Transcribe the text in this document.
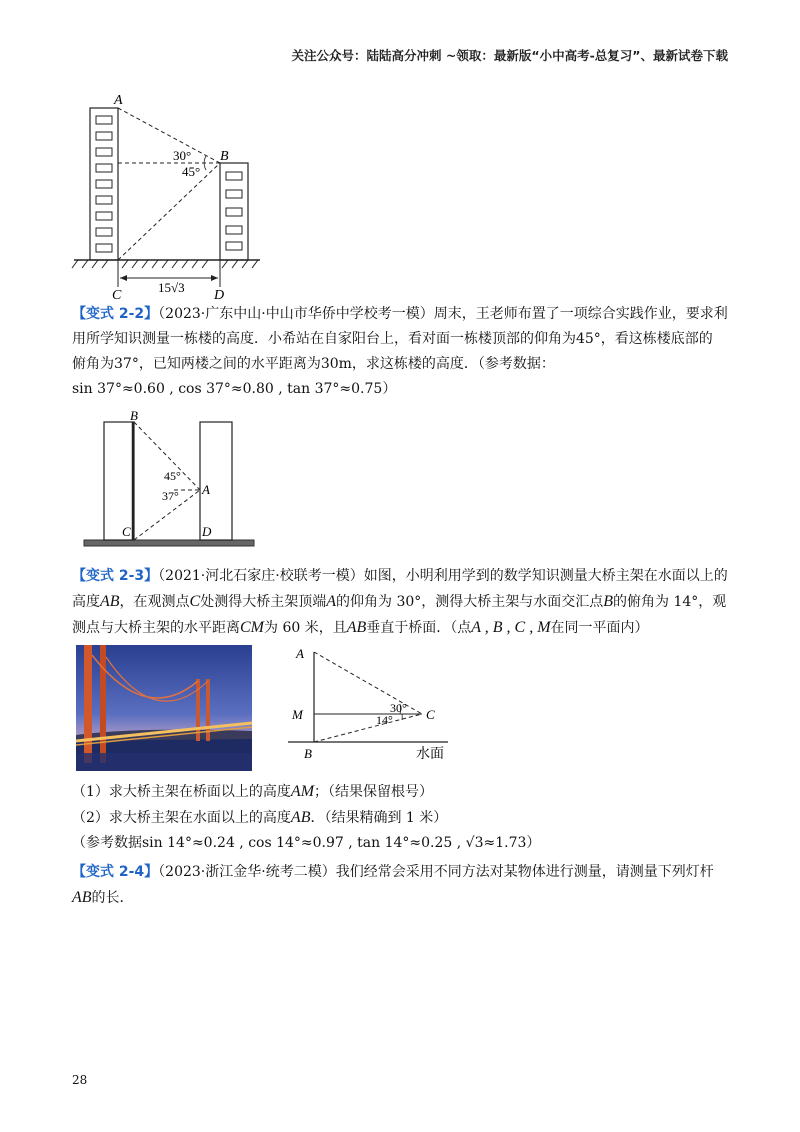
关注公众号：陆陆高分冲刺 ~领取：最新版“小中高考-总复习”、最新试卷下载
A
B
C	D
30°
45°
15√3
【变式 2-2】（2023·广东中山·中山市华侨中学校考一模）周末，王老师布置了一项综合实践作业，要求利
用所学知识测量一栋楼的高度．小希站在自家阳台上，看对面一栋楼顶部的仰角为45°，看这栋楼底部的
俯角为37°，已知两楼之间的水平距离为30m，求这栋楼的高度．（参考数据：
sin 37°≈0.60 , cos 37°≈0.80 , tan 37°≈0.75）
B
A
C	D
45°
37°
【变式 2-3】（2021·河北石家庄·校联考一模）如图，小明利用学到的数学知识测量大桥主架在水面以上的
高度AB，在观测点C处测得大桥主架顶端A的仰角为 30°，测得大桥主架与水面交汇点B的俯角为 14°，观
测点与大桥主架的水平距离CM为 60 米，且AB垂直于桥面．（点A , B , C , M在同一平面内）
A
M
B
C
30°
14°
水面
（1）求大桥主架在桥面以上的高度AM；（结果保留根号）
（2）求大桥主架在水面以上的高度AB．（结果精确到 1 米）
（参考数据sin 14°≈0.24 , cos 14°≈0.97 , tan 14°≈0.25 , √3≈1.73）
【变式 2-4】（2023·浙江金华·统考二模）我们经常会采用不同方法对某物体进行测量，请测量下列灯杆
AB的长．
28
